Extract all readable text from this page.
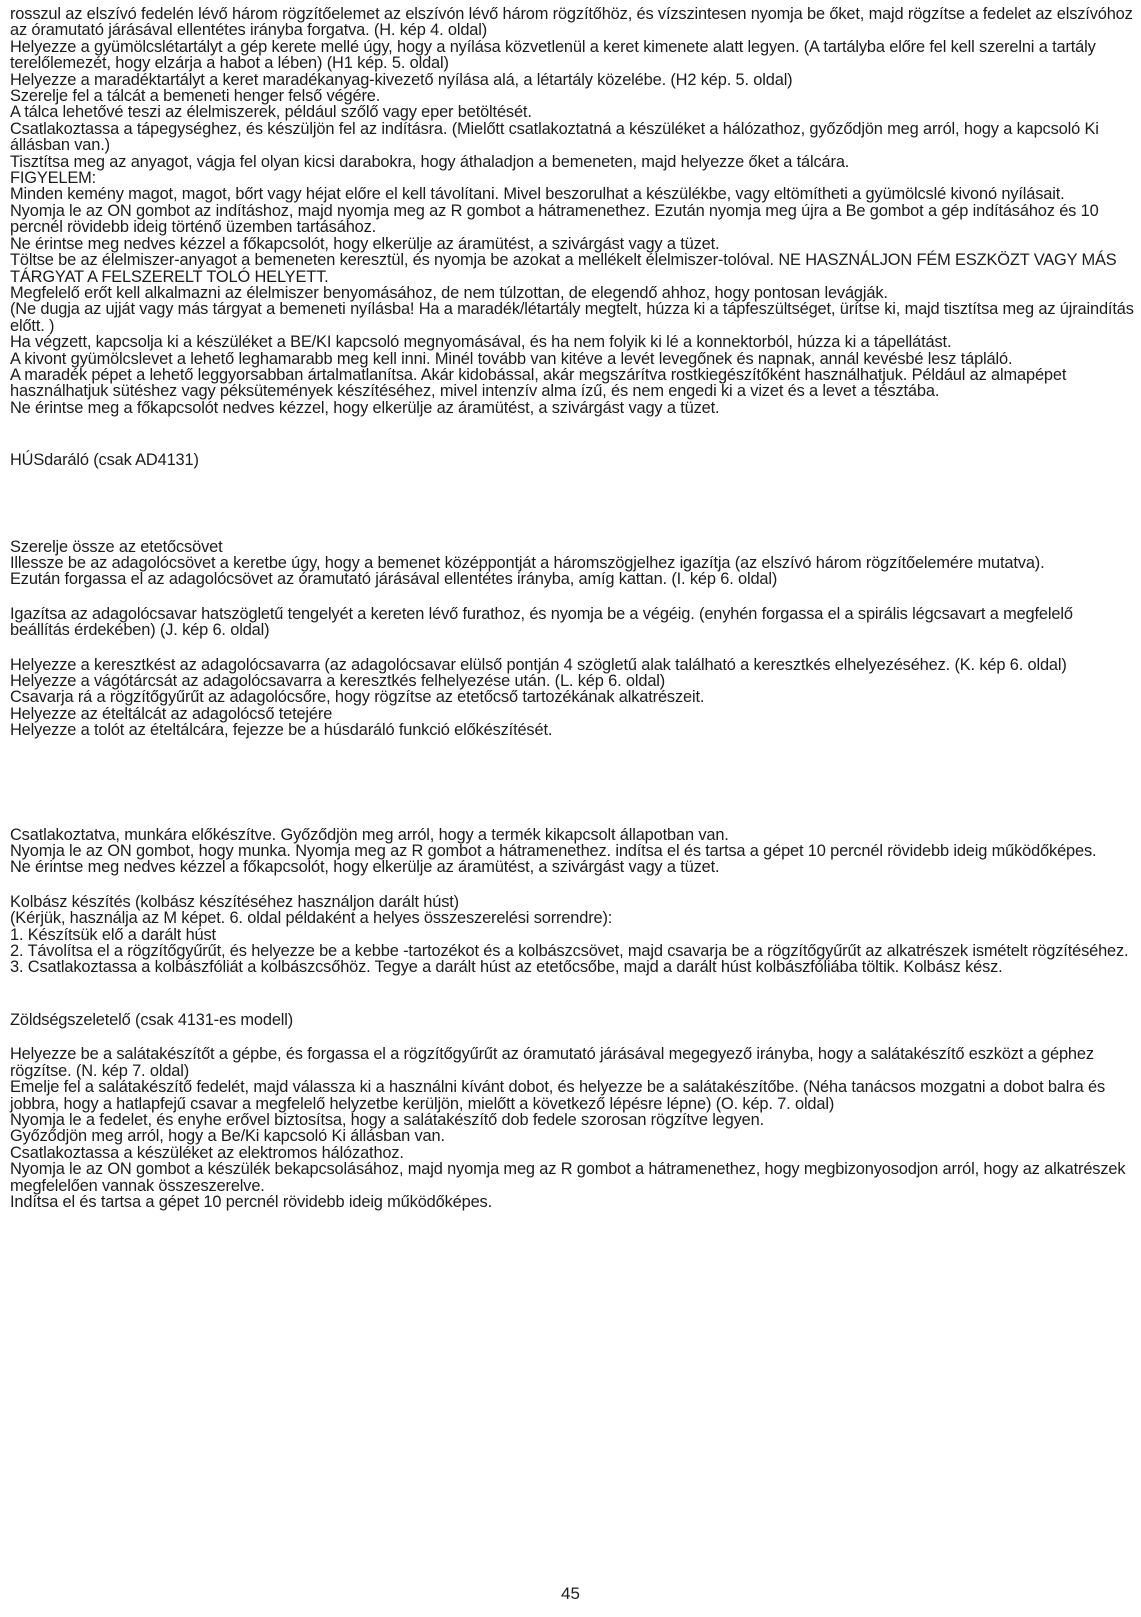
rosszul az elszívó fedelén lévő három rögzítőelemet az elszívón lévő három rögzítőhöz, és vízszintesen nyomja be őket, majd rögzítse a fedelet az elszívóhoz az óramutató járásával ellentétes irányba forgatva. (H. kép 4. oldal)

Helyezze a gyümölcslétartályt a gép kerete mellé úgy, hogy a nyílása közvetlenül a keret kimenete alatt legyen. (A tartályba előre fel kell szerelni a tartály terelőlemezét, hogy elzárja a habot a lében) (H1 kép. 5. oldal)

Helyezze a maradéktartályt a keret maradékanyag-kivezető nyílása alá, a létartály közelébe. (H2 kép. 5. oldal)

Szerelje fel a tálcát a bemeneti henger felső végére.

A tálca lehetővé teszi az élelmiszerek, például szőlő vagy eper betöltését.

Csatlakoztassa a tápegységhez, és készüljön fel az indításra. (Mielőtt csatlakoztatná a készüléket a hálózathoz, győződjön meg arról, hogy a kapcsoló Ki állásban van.)

Tisztítsa meg az anyagot, vágja fel olyan kicsi darabokra, hogy áthaladjon a bemeneten, majd helyezze őket a tálcára.

FIGYELEM:

Minden kemény magot, magot, bőrt vagy héjat előre el kell távolítani. Mivel beszorulhat a készülékbe, vagy eltömítheti a gyümölcslé kivonó nyílásait.

Nyomja le az ON gombot az indításhoz, majd nyomja meg az R gombot a hátramenethez. Ezután nyomja meg újra a Be gombot a gép indításához és 10 percnél rövidebb ideig történő üzemben tartásához.

Ne érintse meg nedves kézzel a főkapcsolót, hogy elkerülje az áramütést, a szivárgást vagy a tüzet.

Töltse be az élelmiszer-anyagot a bemeneten keresztül, és nyomja be azokat a mellékelt élelmiszer-tolóval. NE HASZNÁLJON FÉM ESZKÖZT VAGY MÁS TÁRGYAT A FELSZERELT TOLÓ HELYETT.

Megfelelő erőt kell alkalmazni az élelmiszer benyomásához, de nem túlzottan, de elegendő ahhoz, hogy pontosan levágják.

(Ne dugja az ujját vagy más tárgyat a bemeneti nyílásba! Ha a maradék/létartály megtelt, húzza ki a tápfeszültséget, ürítse ki, majd tisztítsa meg az újraindítás előtt. )

Ha végzett, kapcsolja ki a készüléket a BE/KI kapcsoló megnyomásával, és ha nem folyik ki lé a konnektorból, húzza ki a tápellátást.

A kivont gyümölcslevet a lehető leghamarabb meg kell inni. Minél tovább van kitéve a levét levegőnek és napnak, annál kevésbé lesz tápláló.

A maradék pépet a lehető leggyorsabban ártalmatlanítsa. Akár kidobással, akár megszárítva rostkiegészítőként használhatjuk. Például az almapépet használhatjuk sütéshez vagy péksütemények készítéséhez, mivel intenzív alma ízű, és nem engedi ki a vizet és a levet a tésztába.

Ne érintse meg a főkapcsolót nedves kézzel, hogy elkerülje az áramütést, a szivárgást vagy a tüzet.

HÚSdaráló (csak AD4131)

Szerelje össze az etetőcsövet

Illessze be az adagolócsövet a keretbe úgy, hogy a bemenet középpontját a háromszögjelhez igazítja (az elszívó három rögzítőelemére mutatva).

Ezután forgassa el az adagolócsövet az óramutató járásával ellentétes irányba, amíg kattan. (I. kép 6. oldal)

Igazítsa az adagolócsavar hatszögletű tengelyét a kereten lévő furathoz, és nyomja be a végéig. (enyhén forgassa el a spirális légcsavart a megfelelő beállítás érdekében) (J. kép 6. oldal)

Helyezze a keresztkést az adagolócsavarra (az adagolócsavar elülső pontján 4 szögletű alak található a keresztkés elhelyezéséhez. (K. kép 6. oldal)

Helyezze a vágótárcsát az adagolócsavarra a keresztkés felhelyezése után. (L. kép 6. oldal)

Csavarja rá a rögzítőgyűrűt az adagolócsőre, hogy rögzítse az etetőcső tartozékának alkatrészeit.

Helyezze az ételtálcát az adagolócső tetejére

Helyezze a tolót az ételtálcára, fejezze be a húsdaráló funkció előkészítését.

Csatlakoztatva, munkára előkészítve. Győződjön meg arról, hogy a termék kikapcsolt állapotban van.

Nyomja le az ON gombot, hogy munka. Nyomja meg az R gombot a hátramenethez. indítsa el és tartsa a gépet 10 percnél rövidebb ideig működőképes.

Ne érintse meg nedves kézzel a főkapcsolót, hogy elkerülje az áramütést, a szivárgást vagy a tüzet.

Kolbász készítés (kolbász készítéséhez használjon darált húst)

(Kérjük, használja az M képet. 6. oldal példaként a helyes összeszerelési sorrendre):

1. Készítsük elő a darált húst

2. Távolítsa el a rögzítőgyűrűt, és helyezze be a kebbe -tartozékot és a kolbászcsövet, majd csavarja be a rögzítőgyűrűt az alkatrészek ismételt rögzítéséhez.

3. Csatlakoztassa a kolbászfóliát a kolbászcsőhöz. Tegye a darált húst az etetőcsőbe, majd a darált húst kolbászfóliába töltik. Kolbász kész.

Zöldségszeletelő (csak 4131-es modell)

Helyezze be a salátakészítőt a gépbe, és forgassa el a rögzítőgyűrűt az óramutató járásával megegyező irányba, hogy a salátakészítő eszközt a géphez rögzítse. (N. kép 7. oldal)

Emelje fel a salátakészítő fedelét, majd válassza ki a használni kívánt dobot, és helyezze be a salátakészítőbe. (Néha tanácsos mozgatni a dobot balra és jobbra, hogy a hatlapfejű csavar a megfelelő helyzetbe kerüljön, mielőtt a következő lépésre lépne) (O. kép. 7. oldal)

Nyomja le a fedelet, és enyhe erővel biztosítsa, hogy a salátakészítő dob fedele szorosan rögzítve legyen.

Győződjön meg arról, hogy a Be/Ki kapcsoló Ki állásban van.

Csatlakoztassa a készüléket az elektromos hálózathoz.

Nyomja le az ON gombot a készülék bekapcsolásához, majd nyomja meg az R gombot a hátramenethez, hogy megbizonyosodjon arról, hogy az alkatrészek megfelelően vannak összeszerelve.

Indítsa el és tartsa a gépet 10 percnél rövidebb ideig működőképes.

45
